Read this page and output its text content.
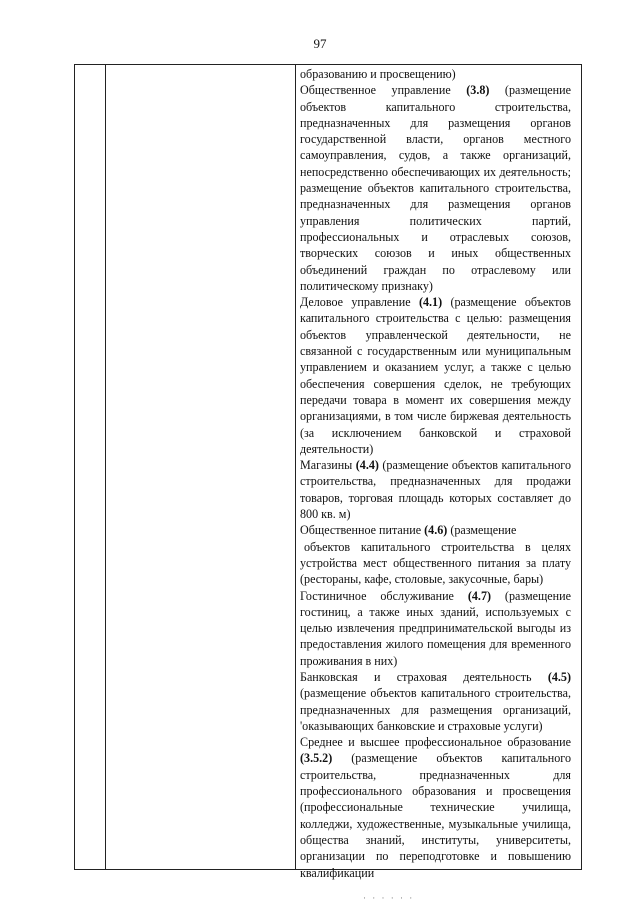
97
образованию и просвещению)
Общественное управление (3.8) (размещение объектов капитального строительства, предназначенных для размещения органов государственной власти, органов местного самоуправления, судов, а также организаций, непосредственно обеспечивающих их деятельность; размещение объектов капитального строительства, предназначенных для размещения органов управления политических партий, профессиональных и отраслевых союзов, творческих союзов и иных общественных объединений граждан по отраслевому или политическому признаку)
Деловое управление (4.1) (размещение объектов капитального строительства с целью: размещения объектов управленческой деятельности, не связанной с государственным или муниципальным управлением и оказанием услуг, а также с целью обеспечения совершения сделок, не требующих передачи товара в момент их совершения между организациями, в том числе биржевая деятельность (за исключением банковской и страховой деятельности)
Магазины (4.4) (размещение объектов капитального строительства, предназначенных для продажи товаров, торговая площадь которых составляет до 800 кв. м)
Общественное питание (4.6) (размещение
объектов капитального строительства в целях устройства мест общественного питания за плату (рестораны, кафе, столовые, закусочные, бары)
Гостиничное обслуживание (4.7) (размещение гостиниц, а также иных зданий, используемых с целью извлечения предпринимательской выгоды из предоставления жилого помещения для временного проживания в них)
Банковская и страховая деятельность (4.5) (размещение объектов капитального строительства, предназначенных для размещения организаций, 'оказывающих банковские и страховые услуги)
Среднее и высшее профессиональное образование (3.5.2) (размещение объектов капитального строительства, предназначенных для профессионального образования и просвещения (профессиональные технические училища, колледжи, художественные, музыкальные училища, общества знаний, институты, университеты, организации по переподготовке и повышению квалификации
· · · · · ·
